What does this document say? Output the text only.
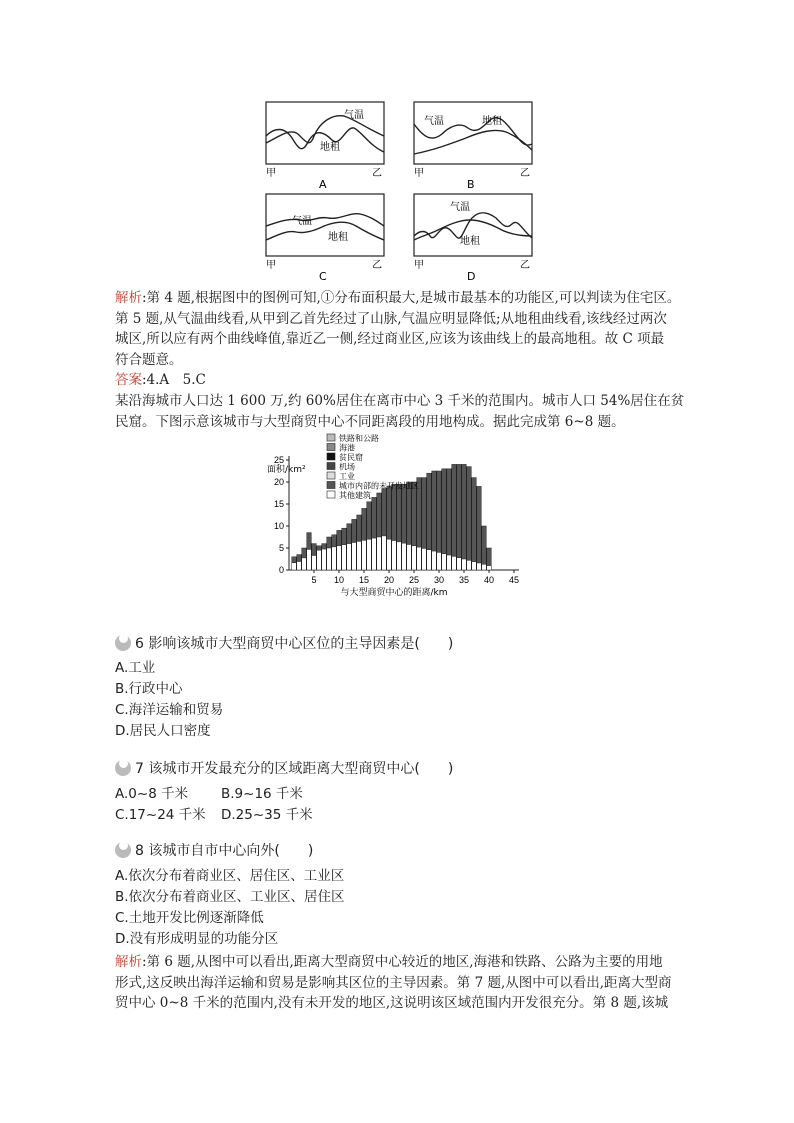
气温
地租
甲	乙
A
气温	地租
甲	乙
B
气温
地租
甲	乙
C
气温
地租
甲	乙
D
解析:第 4 题,根据图中的图例可知,①分布面积最大,是城市最基本的功能区,可以判读为住宅区。
第 5 题,从气温曲线看,从甲到乙首先经过了山脉,气温应明显降低;从地租曲线看,该线经过两次
城区,所以应有两个曲线峰值,靠近乙一侧,经过商业区,应该为该曲线上的最高地租。故 C 项最
符合题意。
答案:4.A　5.C
某沿海城市人口达 1 600 万,约 60%居住在离市中心 3 千米的范围内。城市人口 54%居住在贫
民窟。下图示意该城市与大型商贸中心不同距离段的用地构成。据此完成第 6~8 题。
0
5
10
15
20
25
5 10 15 20 25 30 35 40 45
铁路和公路
海港
贫民窟
机场
工业
城市内部的未开发地区
其他建筑
面积/km²
与大型商贸中心的距离/km
6 影响该城市大型商贸中心区位的主导因素是(　　)
A.工业
B.行政中心
C.海洋运输和贸易
D.居民人口密度
7 该城市开发最充分的区域距离大型商贸中心(　　)
A.0~8 千米	B.9~16 千米
C.17~24 千米	D.25~35 千米
8 该城市自市中心向外(　　)
A.依次分布着商业区、居住区、工业区
B.依次分布着商业区、工业区、居住区
C.土地开发比例逐渐降低
D.没有形成明显的功能分区
解析:第 6 题,从图中可以看出,距离大型商贸中心较近的地区,海港和铁路、公路为主要的用地
形式,这反映出海洋运输和贸易是影响其区位的主导因素。第 7 题,从图中可以看出,距离大型商
贸中心 0~8 千米的范围内,没有未开发的地区,这说明该区域范围内开发很充分。第 8 题,该城
